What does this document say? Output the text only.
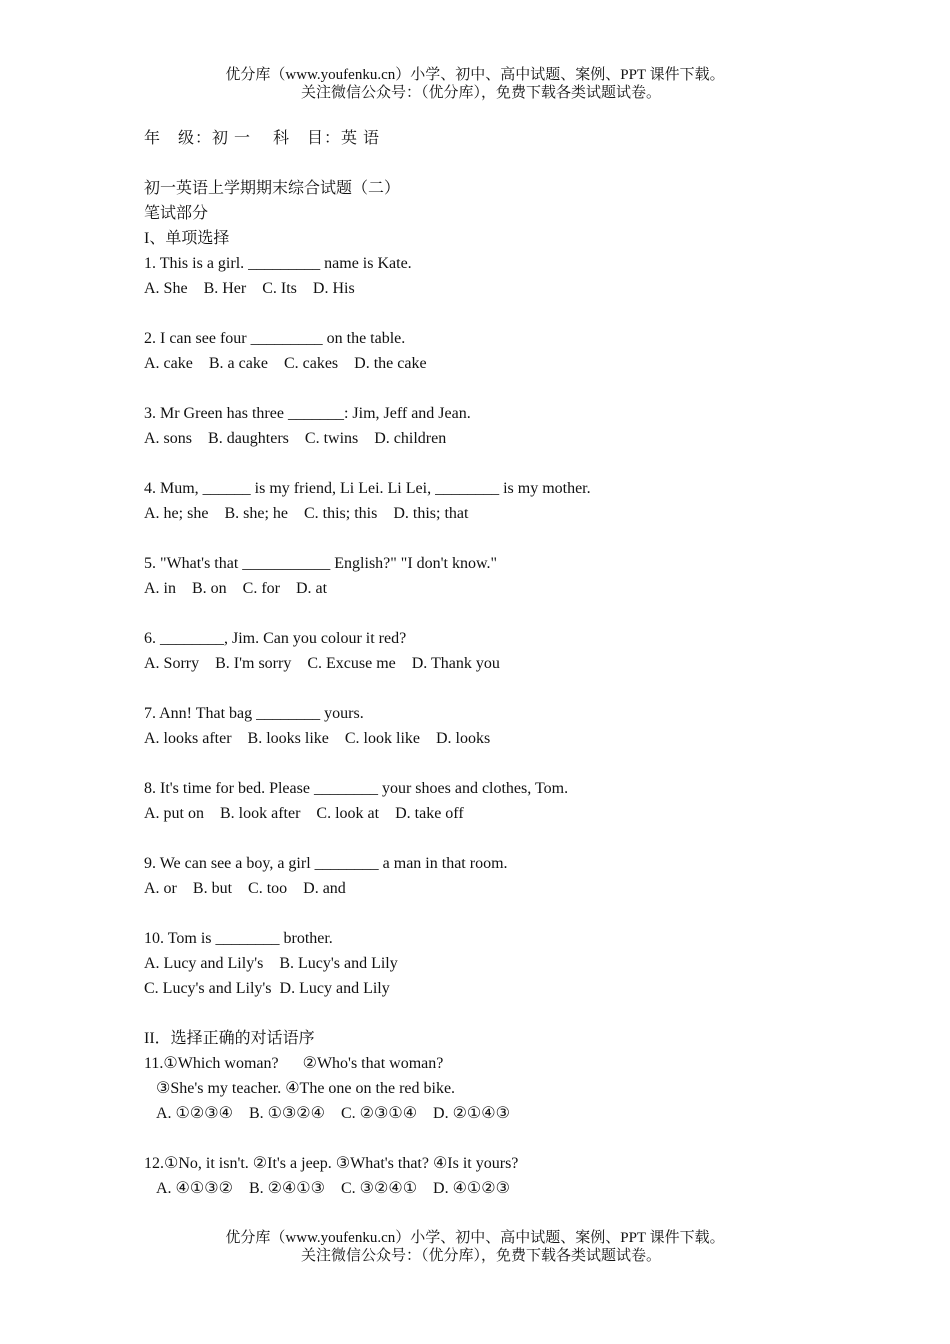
优分库（www.youfenku.cn）小学、初中、高中试题、案例、PPT 课件下载。
关注微信公众号：（优分库），免费下载各类试题试卷。
年　级：初 一　 科　目：英 语
初一英语上学期期末综合试题（二）
笔试部分
I、单项选择
1. This is a girl. _________ name is Kate.
A. She B. Her C. Its D. His
2. I can see four _________ on the table.
A. cake B. a cake C. cakes D. the cake
3. Mr Green has three _______: Jim, Jeff and Jean.
A. sons B. daughters C. twins D. children
4. Mum, ______ is my friend, Li Lei. Li Lei, ________ is my mother.
A. he; she B. she; he C. this; this D. this; that
5. "What's that ___________ English?" "I don't know."
A. in B. on C. for D. at
6. ________, Jim. Can you colour it red?
A. Sorry B. I'm sorry C. Excuse me D. Thank you
7. Ann! That bag ________ yours.
A. looks after B. looks like C. look like D. looks
8. It's time for bed. Please ________ your shoes and clothes, Tom.
A. put on B. look after C. look at D. take off
9. We can see a boy, a girl ________ a man in that room.
A. or B. but C. too D. and
10. Tom is ________ brother.
A. Lucy and Lily's B. Lucy's and Lily
C. Lucy's and Lily's D. Lucy and Lily
II．选择正确的对话语序
11.①Which woman? ②Who's that woman?
③She's my teacher. ④The one on the red bike.
A. ①②③④ B. ①③②④ C. ②③①④ D. ②①④③
12.①No, it isn't. ②It's a jeep. ③What's that? ④Is it yours?
A. ④①③② B. ②④①③ C. ③②④① D. ④①②③
优分库（www.youfenku.cn）小学、初中、高中试题、案例、PPT 课件下载。
关注微信公众号：（优分库），免费下载各类试题试卷。
